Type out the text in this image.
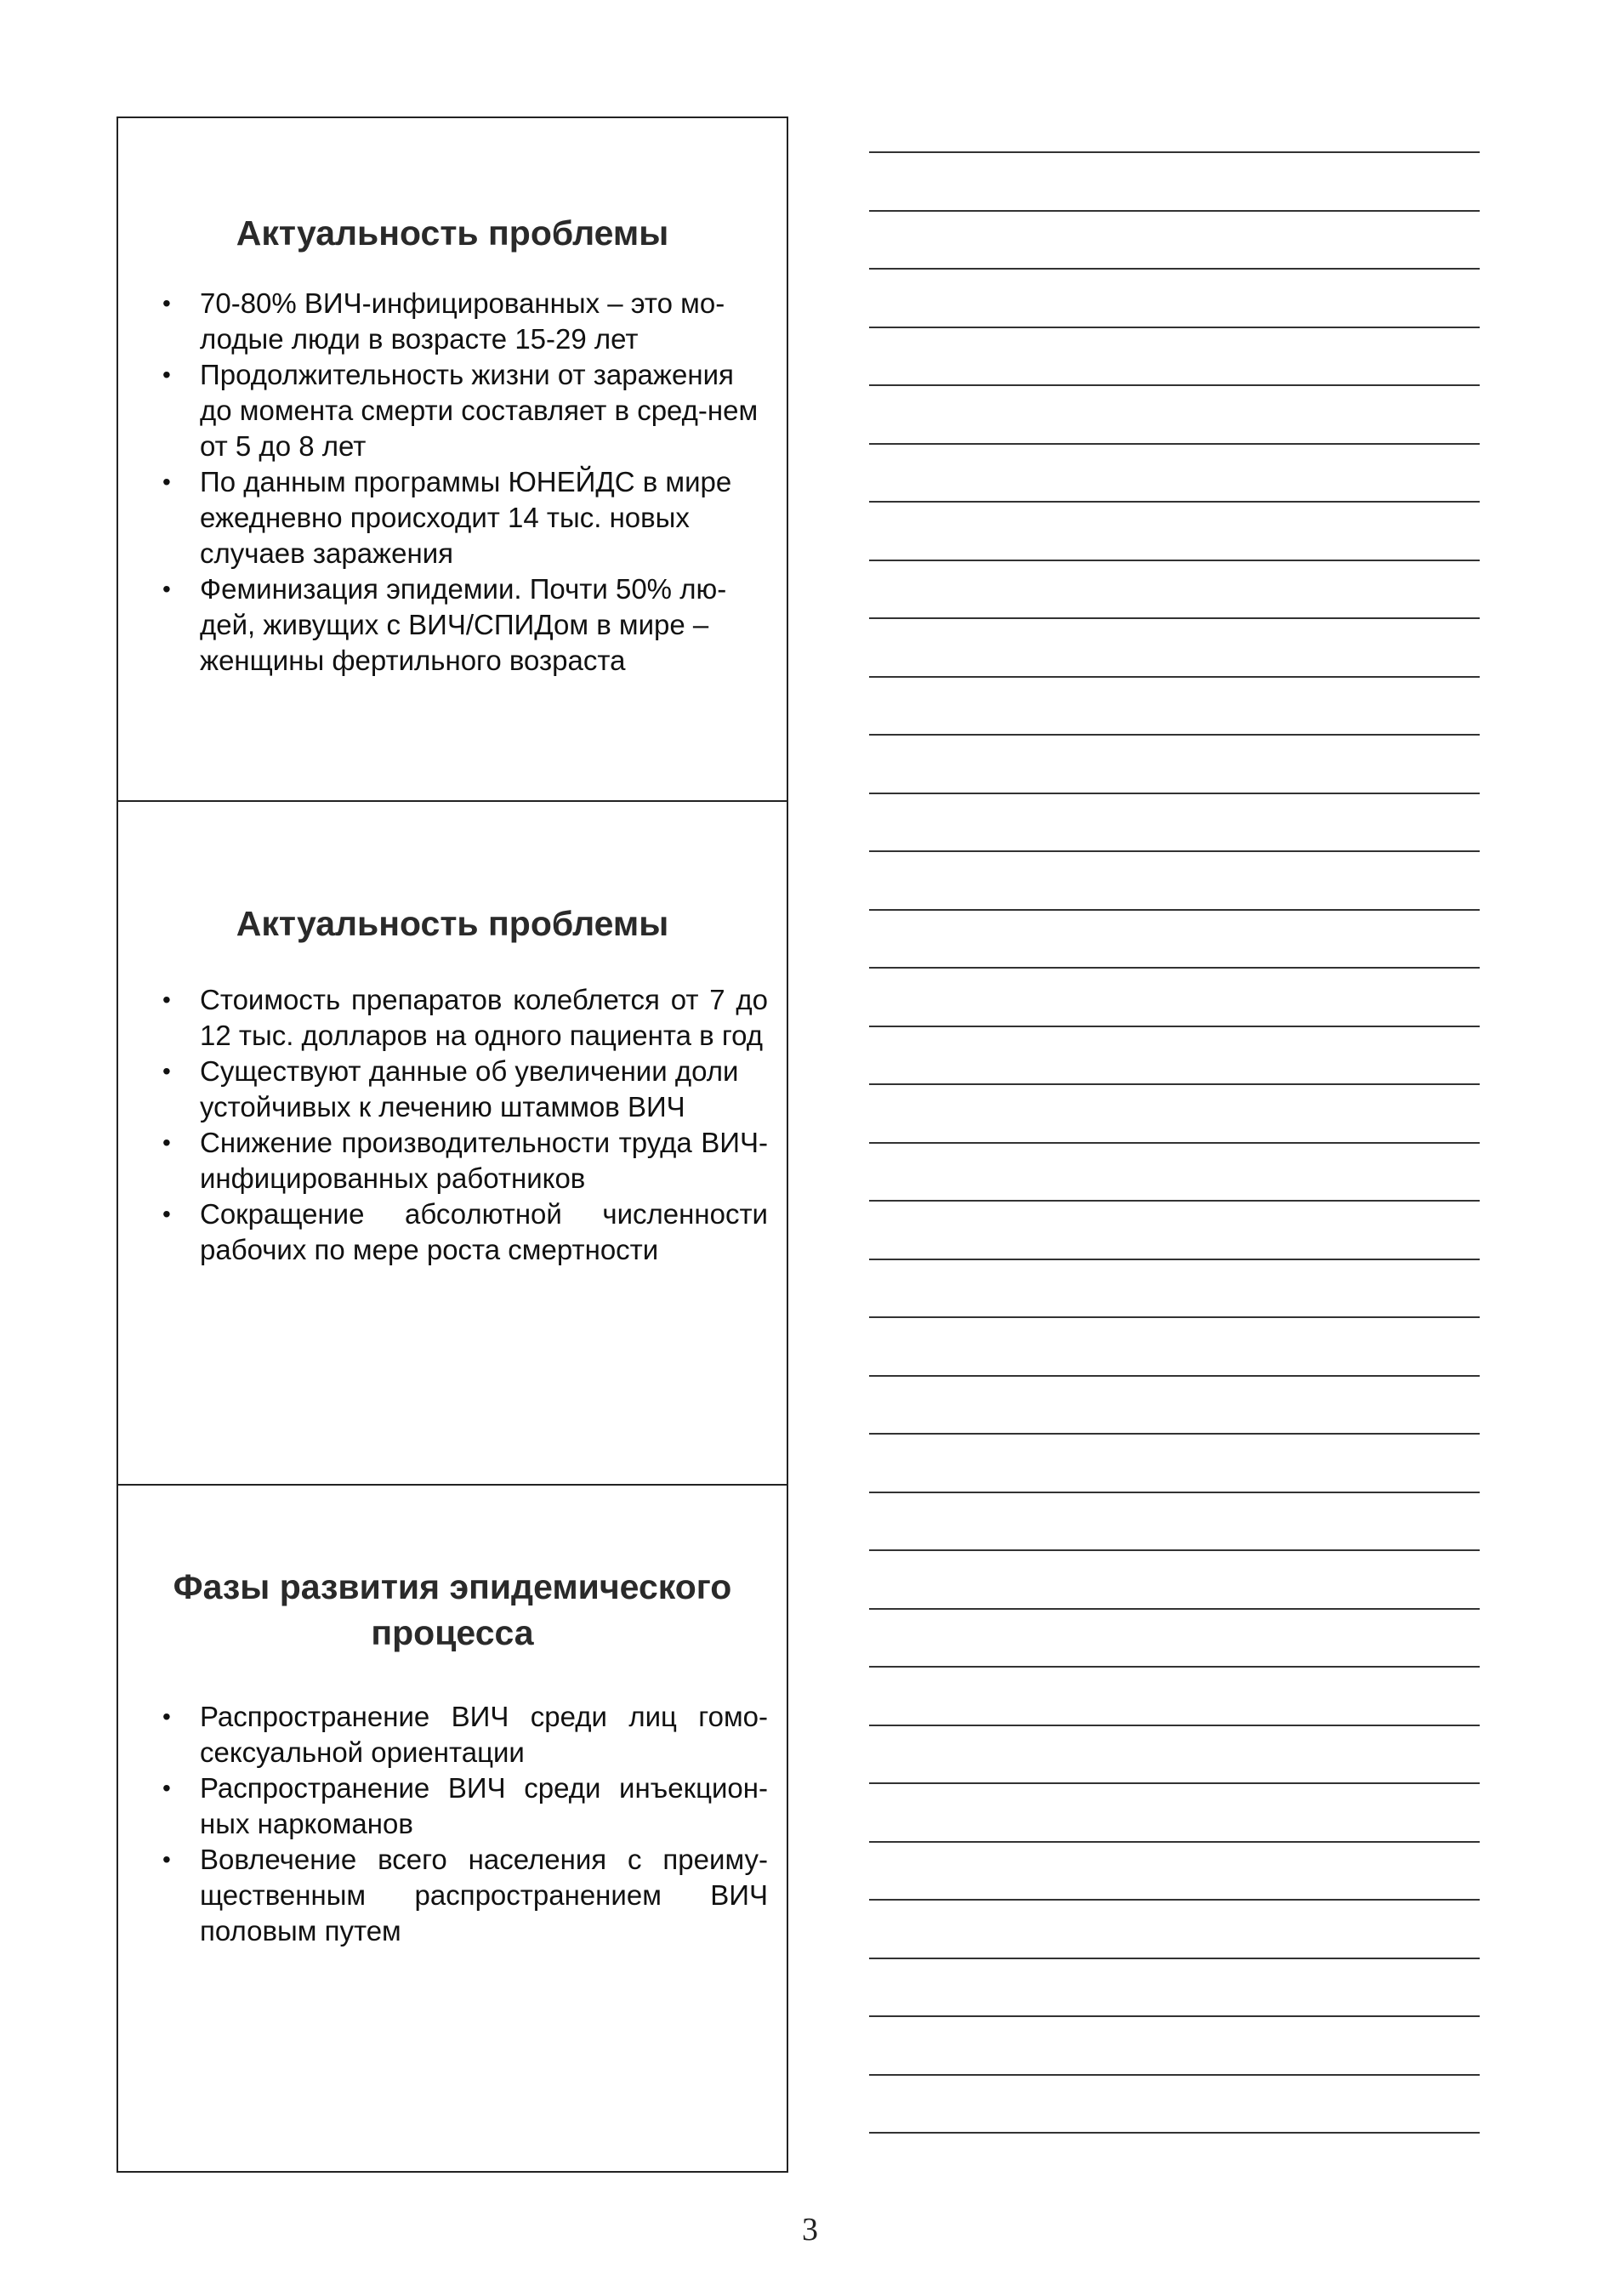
Актуальность проблемы
•	70-80% ВИЧ-инфицированных – это мо-лодые люди в возрасте 15-29 лет
•	Продолжительность жизни от заражения до момента смерти составляет в сред-нем от 5 до 8 лет
•	По данным программы ЮНЕЙДС в мире ежедневно происходит 14 тыс. новых случаев заражения
•	Феминизация эпидемии. Почти 50% лю-дей, живущих с ВИЧ/СПИДом в мире – женщины фертильного возраста
Актуальность проблемы
•	Стоимость препаратов колеблется от 7 до 12 тыс. долларов на одного пациента в год
•	Существуют данные об увеличении доли устойчивых к лечению штаммов ВИЧ
•	Снижение производительности труда ВИЧ-инфицированных работников
•	Сокращение абсолютной численности рабочих по мере роста смертности
Фазы развития эпидемического процесса
•	Распространение ВИЧ среди лиц гомо-сексуальной ориентации
•	Распространение ВИЧ среди инъекцион-ных наркоманов
•	Вовлечение всего населения с преиму-щественным распространением ВИЧ половым путем
3
